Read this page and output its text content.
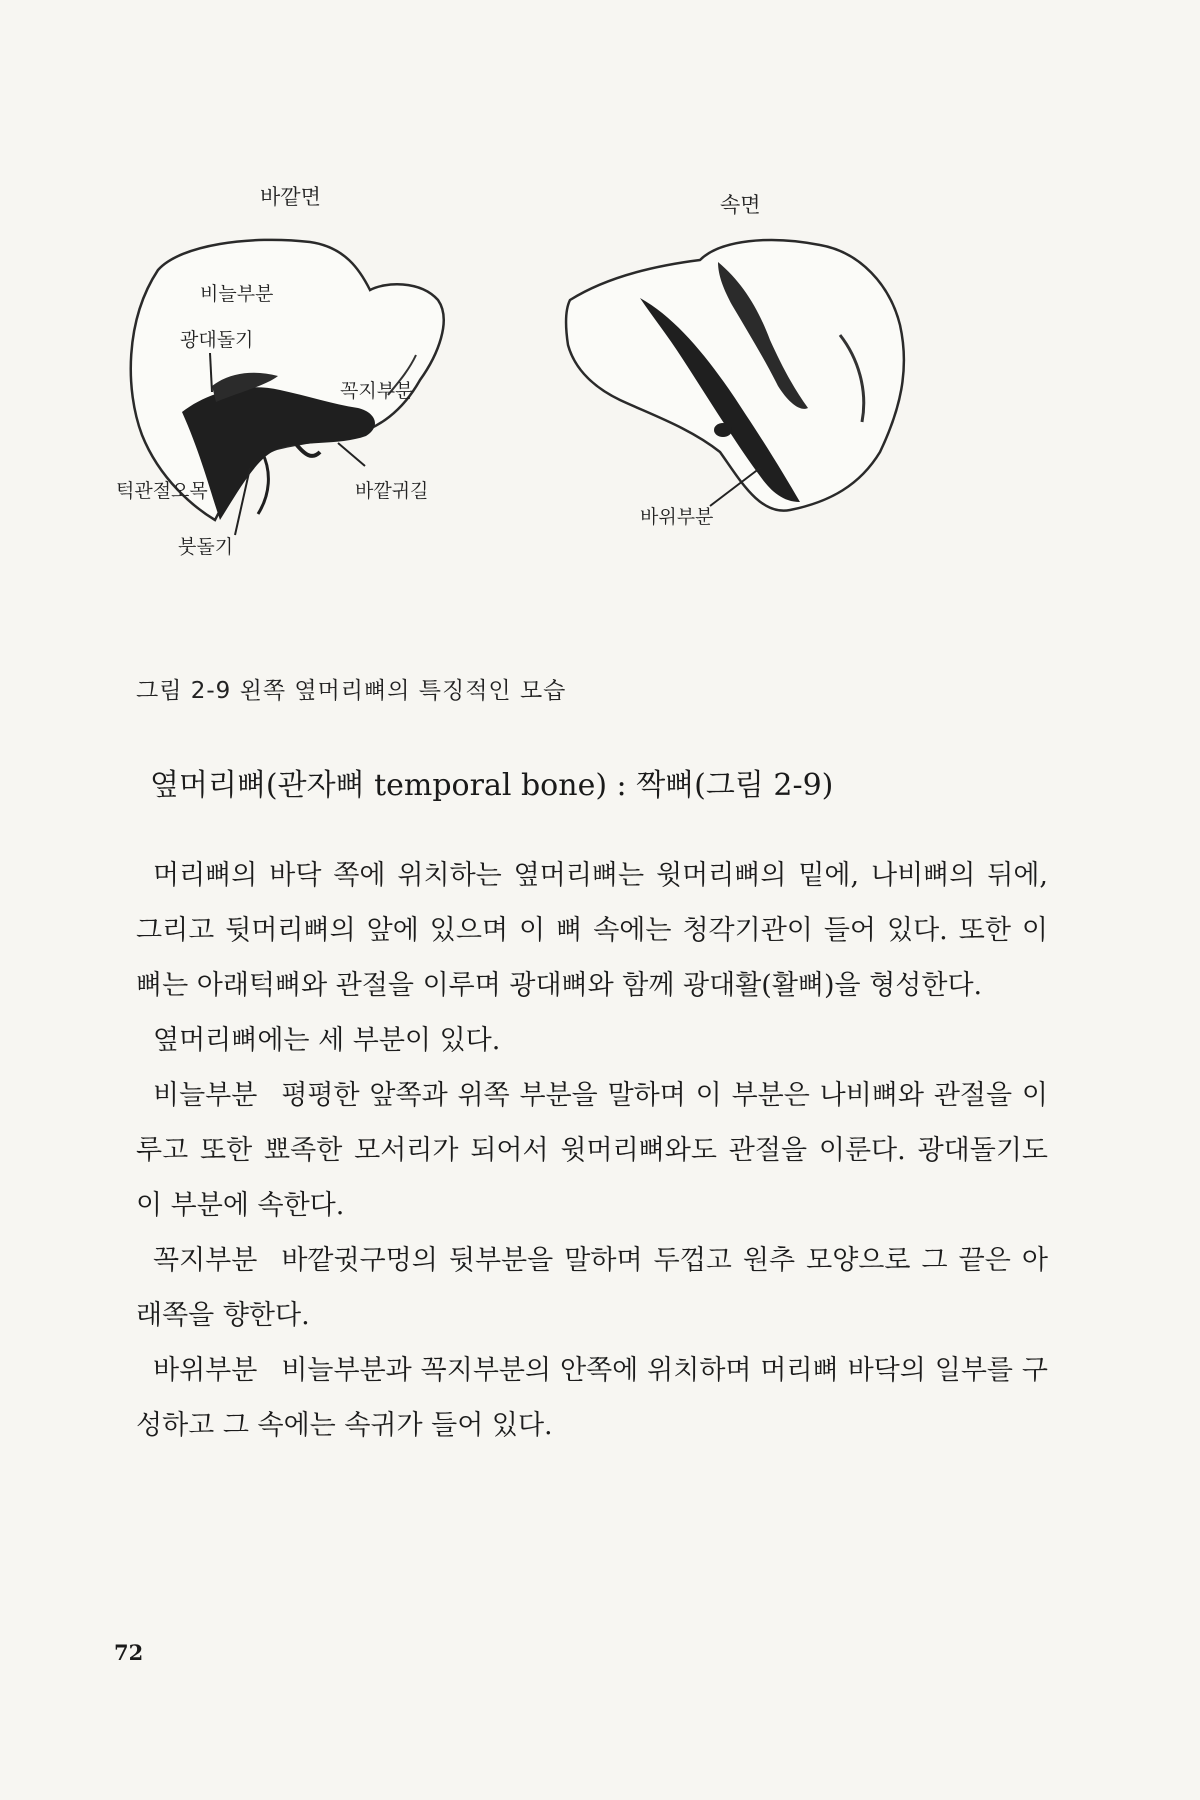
바깥면	속면
비늘부분
광대돌기
꼭지부분
턱관절오목	바깥귀길
붓돌기
바위부분
그림 2-9 왼쪽 옆머리뼈의 특징적인 모습
옆머리뼈(관자뼈 temporal bone) : 짝뼈(그림 2-9)

머리뼈의 바닥 쪽에 위치하는 옆머리뼈는 윗머리뼈의 밑에, 나비뼈의 뒤에, 그리고 뒷머리뼈의 앞에 있으며 이 뼈 속에는 청각기관이 들어 있다. 또한 이 뼈는 아래턱뼈와 관절을 이루며 광대뼈와 함께 광대활(활뼈)을 형성한다.

옆머리뼈에는 세 부분이 있다.

비늘부분 평평한 앞쪽과 위쪽 부분을 말하며 이 부분은 나비뼈와 관절을 이루고 또한 뾰족한 모서리가 되어서 윗머리뼈와도 관절을 이룬다. 광대돌기도 이 부분에 속한다.

꼭지부분 바깥귓구멍의 뒷부분을 말하며 두껍고 원추 모양으로 그 끝은 아래쪽을 향한다.

바위부분 비늘부분과 꼭지부분의 안쪽에 위치하며 머리뼈 바닥의 일부를 구성하고 그 속에는 속귀가 들어 있다.

72
